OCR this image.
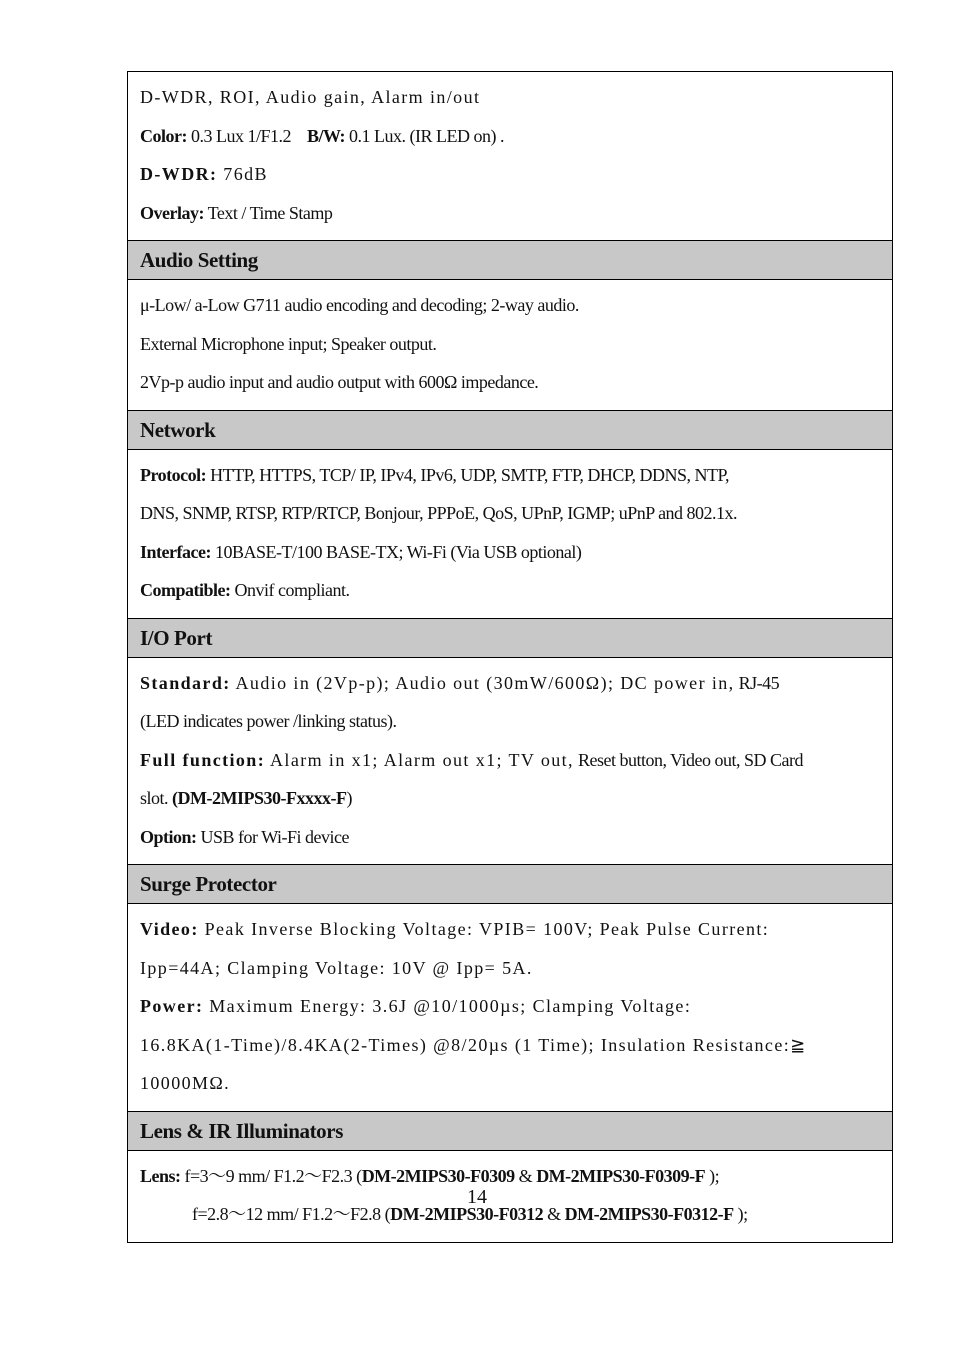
D-WDR, ROI, Audio gain, Alarm in/out
Color: 0.3 Lux 1/F1.2 B/W: 0.1 Lux. (IR LED on) .
D-WDR: 76dB
Overlay: Text / Time Stamp
Audio Setting
μ-Low/ a-Low G711 audio encoding and decoding; 2-way audio.
External Microphone input; Speaker output.
2Vp-p audio input and audio output with 600Ω impedance.
Network
Protocol: HTTP, HTTPS, TCP/ IP, IPv4, IPv6, UDP, SMTP, FTP, DHCP, DDNS, NTP,
DNS, SNMP, RTSP, RTP/RTCP, Bonjour, PPPoE, QoS, UPnP, IGMP; uPnP and 802.1x.
Interface: 10BASE-T/100 BASE-TX; Wi-Fi (Via USB optional)
Compatible: Onvif compliant.
I/O Port
Standard: Audio in (2Vp-p); Audio out (30mW/600Ω); DC power in, RJ-45
(LED indicates power /linking status).
Full function: Alarm in x1; Alarm out x1; TV out, Reset button, Video out, SD Card
slot. (DM-2MIPS30-Fxxxx-F)
Option: USB for Wi-Fi device
Surge Protector
Video: Peak Inverse Blocking Voltage: VPIB= 100V; Peak Pulse Current:
Ipp=44A; Clamping Voltage: 10V @ Ipp= 5A.
Power: Maximum Energy: 3.6J @10/1000µs; Clamping Voltage:
16.8KA(1-Time)/8.4KA(2-Times) @8/20µs (1 Time); Insulation Resistance:≧
10000MΩ.
Lens & IR Illuminators
Lens: f=3～9 mm/ F1.2～F2.3 (DM-2MIPS30-F0309 & DM-2MIPS30-F0309-F );
f=2.8～12 mm/ F1.2～F2.8 (DM-2MIPS30-F0312 & DM-2MIPS30-F0312-F );
14
